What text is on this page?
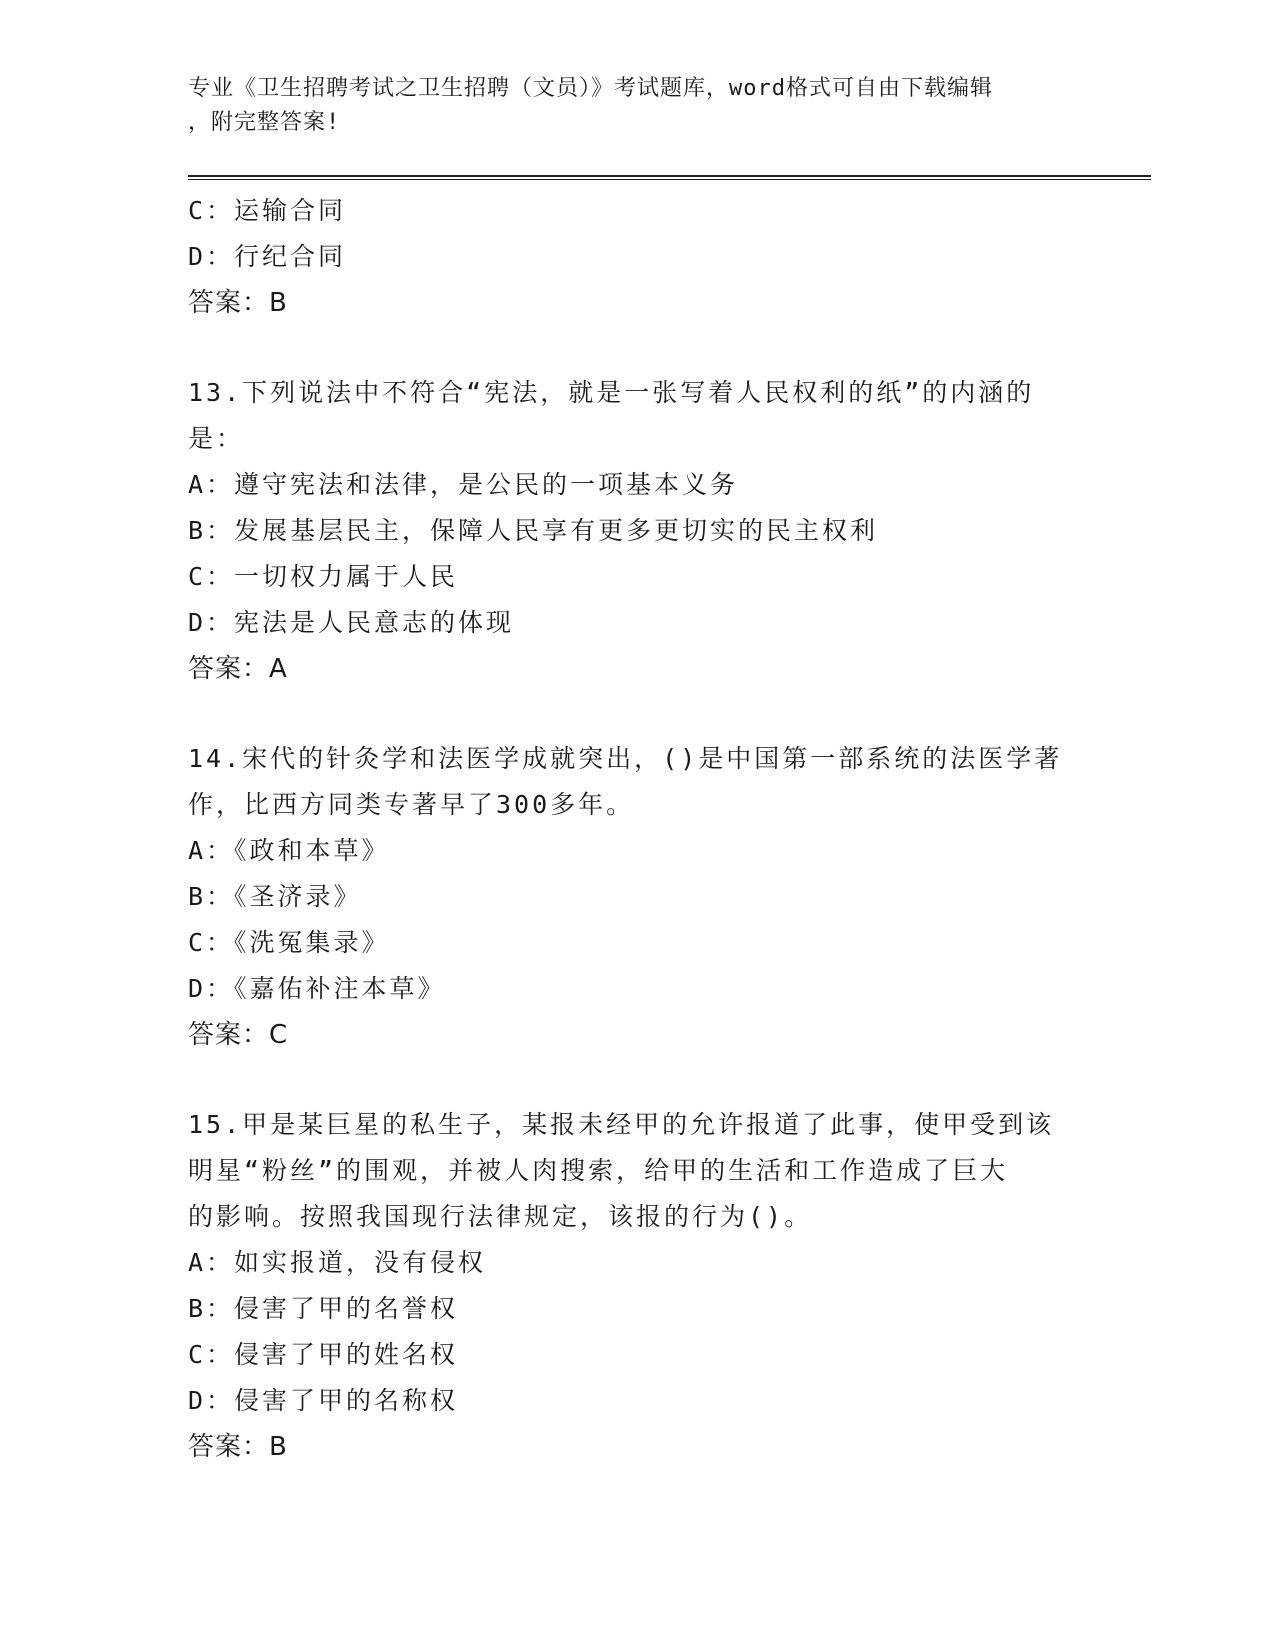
专业《卫生招聘考试之卫生招聘（文员）》考试题库，word格式可自由下载编辑
，附完整答案!
C：运输合同
D：行纪合同
答案：B
13.下列说法中不符合“宪法，就是一张写着人民权利的纸”的内涵的
是：
A：遵守宪法和法律，是公民的一项基本义务
B：发展基层民主，保障人民享有更多更切实的民主权利
C：一切权力属于人民
D：宪法是人民意志的体现
答案：A
14.宋代的针灸学和法医学成就突出，()是中国第一部系统的法医学著
作，比西方同类专著早了300多年。
A：《政和本草》
B：《圣济录》
C：《洗冤集录》
D：《嘉佑补注本草》
答案：C
15.甲是某巨星的私生子，某报未经甲的允许报道了此事，使甲受到该
明星“粉丝”的围观，并被人肉搜索，给甲的生活和工作造成了巨大
的影响。按照我国现行法律规定，该报的行为()。
A：如实报道，没有侵权
B：侵害了甲的名誉权
C：侵害了甲的姓名权
D：侵害了甲的名称权
答案：B
